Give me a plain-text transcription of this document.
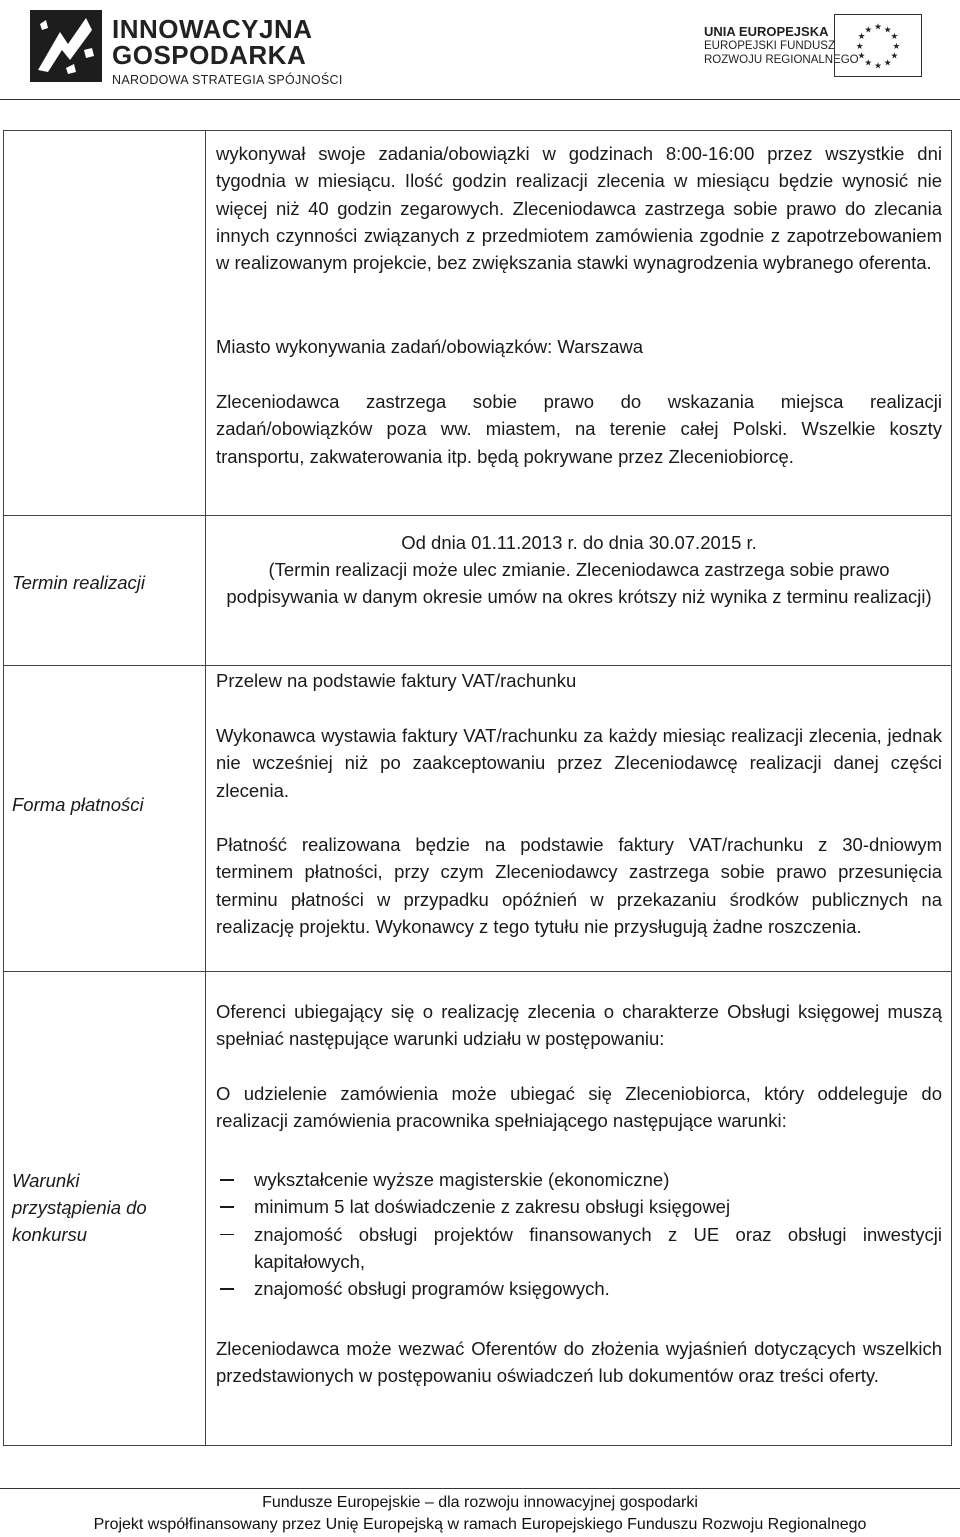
INNOWACYJNA
GOSPODARKA
NARODOWA STRATEGIA SPÓJNOŚCI
UNIA EUROPEJSKA
EUROPEJSKI FUNDUSZ
ROZWOJU REGIONALNEGO
★ ★
★
★
★
★
★
★
★
★
★
★
wykonywał swoje zadania/obowiązki w godzinach 8:00-16:00 przez wszystkie dni tygodnia w miesiącu. Ilość godzin realizacji zlecenia w miesiącu będzie wynosić nie więcej niż 40 godzin zegarowych. Zleceniodawca zastrzega sobie prawo do zlecania innych czynności związanych z przedmiotem zamówienia zgodnie z zapotrzebowaniem w realizowanym projekcie, bez zwiększania stawki wynagrodzenia wybranego oferenta.
Miasto wykonywania zadań/obowiązków: Warszawa
Zleceniodawca zastrzega sobie prawo do wskazania miejsca realizacji zadań/obowiązków poza ww. miastem, na terenie całej Polski. Wszelkie koszty transportu, zakwaterowania itp. będą pokrywane przez Zleceniobiorcę.
Termin realizacji
Od dnia 01.11.2013 r. do dnia 30.07.2015 r.
(Termin realizacji może ulec zmianie. Zleceniodawca zastrzega sobie prawo podpisywania w danym okresie umów na okres krótszy niż wynika z terminu realizacji)
Forma płatności
Przelew na podstawie faktury VAT/rachunku
Wykonawca wystawia faktury VAT/rachunku za każdy miesiąc realizacji zlecenia, jednak nie wcześniej niż po zaakceptowaniu przez Zleceniodawcę realizacji danej części zlecenia.
Płatność realizowana będzie na podstawie faktury VAT/rachunku z 30-dniowym terminem płatności, przy czym Zleceniodawcy zastrzega sobie prawo przesunięcia terminu płatności w przypadku opóźnień w przekazaniu środków publicznych na realizację projektu. Wykonawcy z tego tytułu nie przysługują żadne roszczenia.
Warunki przystąpienia do konkursu
Oferenci ubiegający się o realizację zlecenia o charakterze Obsługi księgowej muszą spełniać następujące warunki udziału w postępowaniu:
O udzielenie zamówienia może ubiegać się Zleceniobiorca, który oddeleguje do realizacji zamówienia pracownika spełniającego następujące warunki:
wykształcenie wyższe magisterskie (ekonomiczne)
minimum 5 lat doświadczenie z zakresu obsługi księgowej
znajomość obsługi projektów finansowanych z UE oraz obsługi inwestycji kapitałowych,
znajomość obsługi programów księgowych.
Zleceniodawca może wezwać Oferentów do złożenia wyjaśnień dotyczących wszelkich przedstawionych w postępowaniu oświadczeń lub dokumentów oraz treści oferty.
Fundusze Europejskie – dla rozwoju innowacyjnej gospodarki
Projekt współfinansowany przez Unię Europejską w ramach Europejskiego Funduszu Rozwoju Regionalnego
